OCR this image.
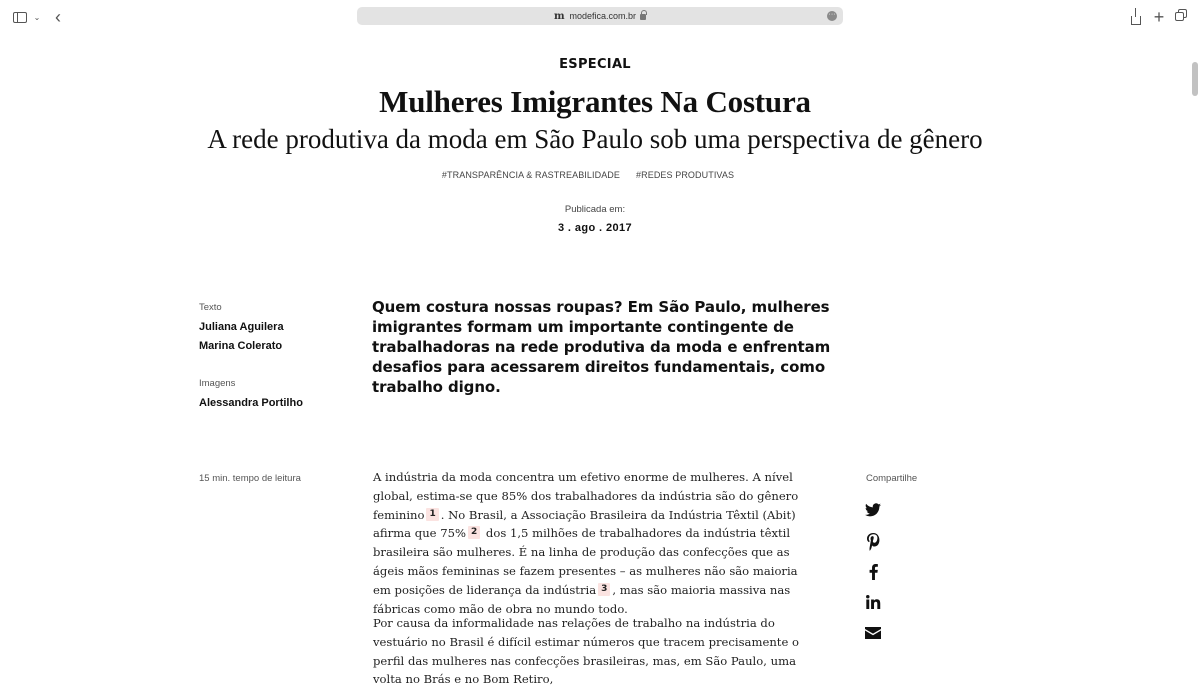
⌄ ‹	m modefica.com.br	···	+
ESPECIAL
Mulheres Imigrantes Na Costura
A rede produtiva da moda em São Paulo sob uma perspectiva de gênero
#TRANSPARÊNCIA & RASTREABILIDADE #REDES PRODUTIVAS
Publicada em:
3 . ago . 2017
Texto
Juliana Aguilera
Marina Colerato
Imagens
Alessandra Portilho
Quem costura nossas roupas? Em São Paulo, mulheres imigrantes formam um importante contingente de trabalhadoras na rede produtiva da moda e enfrentam desafios para acessarem direitos fundamentais, como trabalho digno.
15 min. tempo de leitura	A indústria da moda concentra um efetivo enorme de mulheres. A nível global, estima-se que 85% dos trabalhadores da indústria são do gênero feminino 1 . No Brasil, a Associação Brasileira da Indústria Têxtil (Abit) afirma que 75% 2 dos 1,5 milhões de trabalhadores da indústria têxtil brasileira são mulheres. É na linha de produção das confecções que as ágeis mãos femininas se fazem presentes – as mulheres não são maioria em posições de liderança da indústria 3 , mas são maioria massiva nas fábricas como mão de obra no mundo todo.

Por causa da informalidade nas relações de trabalho na indústria do vestuário no Brasil é difícil estimar números que tracem precisamente o perfil das mulheres nas confecções brasileiras, mas, em São Paulo, uma volta no Brás e no Bom Retiro,

Compartilhe
